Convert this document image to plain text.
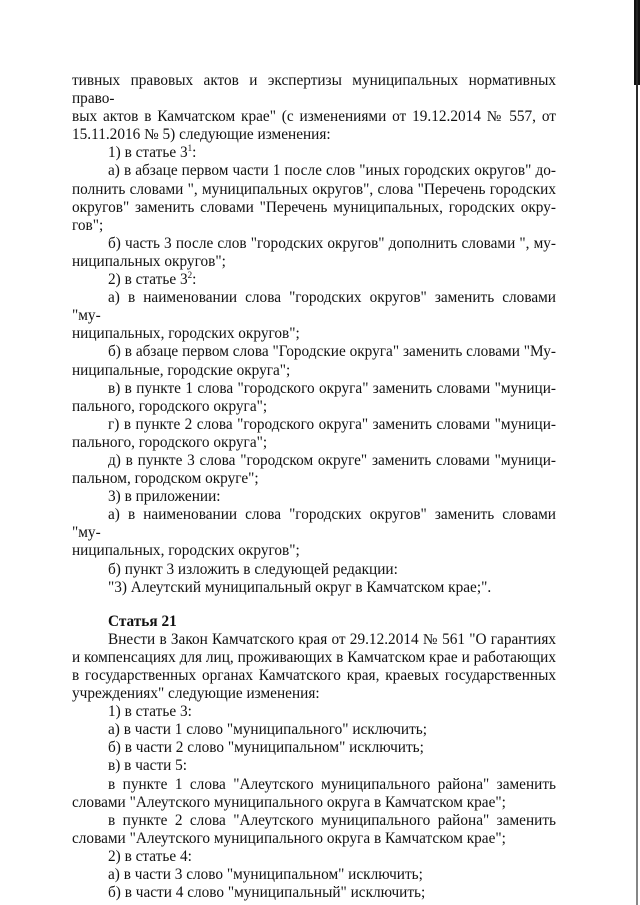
тивных правовых актов и экспертизы муниципальных нормативных право-

вых актов в Камчатском крае" (с изменениями от 19.12.2014 № 557, от

15.11.2016 № 5) следующие изменения:

1) в статье $3^1$:

а) в абзаце первом части 1 после слов "иных городских округов" до-

полнить словами ", муниципальных округов", слова "Перечень городских

округов" заменить словами "Перечень муниципальных, городских окру-

гов";

б) часть 3 после слов "городских округов" дополнить словами ", му-

ниципальных округов";

2) в статье $3^2$:

а) в наименовании слова "городских округов" заменить словами "му-

ниципальных, городских округов";

б) в абзаце первом слова "Городские округа" заменить словами "Му-

ниципальные, городские округа";

в) в пункте 1 слова "городского округа" заменить словами "муници-

пального, городского округа";

г) в пункте 2 слова "городского округа" заменить словами "муници-

пального, городского округа";

д) в пункте 3 слова "городском округе" заменить словами "муници-

пальном, городском округе";

3) в приложении:

а) в наименовании слова "городских округов" заменить словами "му-

ниципальных, городских округов";

б) пункт 3 изложить в следующей редакции:

"3) Алеутский муниципальный округ в Камчатском крае;".

Статья 21

Внести в Закон Камчатского края от 29.12.2014 № 561 "О гарантиях

и компенсациях для лиц, проживающих в Камчатском крае и работающих

в государственных органах Камчатского края, краевых государственных

учреждениях" следующие изменения:

1) в статье 3:

а) в части 1 слово "муниципального" исключить;

б) в части 2 слово "муниципальном" исключить;

в) в части 5:

в пункте 1 слова "Алеутского муниципального района" заменить

словами "Алеутского муниципального округа в Камчатском крае";

в пункте 2 слова "Алеутского муниципального района" заменить

словами "Алеутского муниципального округа в Камчатском крае";

2) в статье 4:

а) в части 3 слово "муниципальном" исключить;

б) в части 4 слово "муниципальный" исключить;
